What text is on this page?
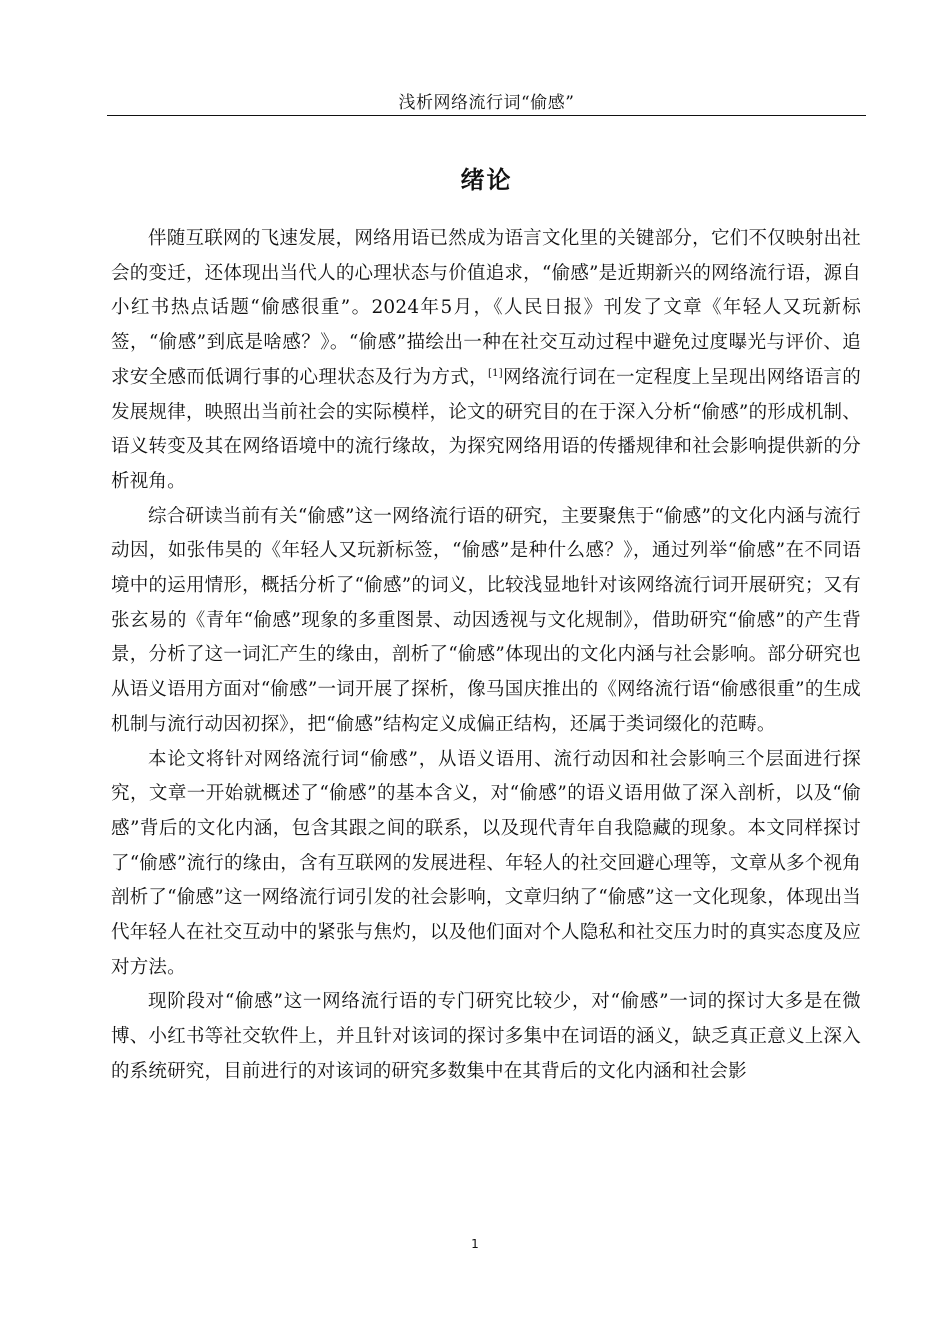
浅析网络流行词“偷感”
绪论

伴随互联网的飞速发展，网络用语已然成为语言文化里的关键部分，它们不仅映射出社会的变迁，还体现出当代人的心理状态与价值追求，“偷感”是近期新兴的网络流行语，源自小红书热点话题“偷感很重”。2024年5月，《人民日报》刊发了文章《年轻人又玩新标签，“偷感”到底是啥感？》。“偷感”描绘出一种在社交互动过程中避免过度曝光与评价、追求安全感而低调行事的心理状态及行为方式，[1]网络流行词在一定程度上呈现出网络语言的发展规律，映照出当前社会的实际模样，论文的研究目的在于深入分析“偷感”的形成机制、语义转变及其在网络语境中的流行缘故，为探究网络用语的传播规律和社会影响提供新的分析视角。

综合研读当前有关“偷感”这一网络流行语的研究，主要聚焦于“偷感”的文化内涵与流行动因，如张伟昊的《年轻人又玩新标签，“偷感”是种什么感？》，通过列举“偷感”在不同语境中的运用情形，概括分析了“偷感”的词义，比较浅显地针对该网络流行词开展研究；又有张玄易的《青年“偷感”现象的多重图景、动因透视与文化规制》，借助研究“偷感”的产生背景，分析了这一词汇产生的缘由，剖析了“偷感”体现出的文化内涵与社会影响。部分研究也从语义语用方面对“偷感”一词开展了探析，像马国庆推出的《网络流行语“偷感很重”的生成机制与流行动因初探》，把“偷感”结构定义成偏正结构，还属于类词缀化的范畴。

本论文将针对网络流行词“偷感”，从语义语用、流行动因和社会影响三个层面进行探究，文章一开始就概述了“偷感”的基本含义，对“偷感”的语义语用做了深入剖析，以及“偷感”背后的文化内涵，包含其跟之间的联系，以及现代青年自我隐藏的现象。本文同样探讨了“偷感”流行的缘由，含有互联网的发展进程、年轻人的社交回避心理等，文章从多个视角剖析了“偷感”这一网络流行词引发的社会影响，文章归纳了“偷感”这一文化现象，体现出当代年轻人在社交互动中的紧张与焦灼，以及他们面对个人隐私和社交压力时的真实态度及应对方法。

现阶段对“偷感”这一网络流行语的专门研究比较少，对“偷感”一词的探讨大多是在微博、小红书等社交软件上，并且针对该词的探讨多集中在词语的涵义，缺乏真正意义上深入的系统研究，目前进行的对该词的研究多数集中在其背后的文化内涵和社会影

1
